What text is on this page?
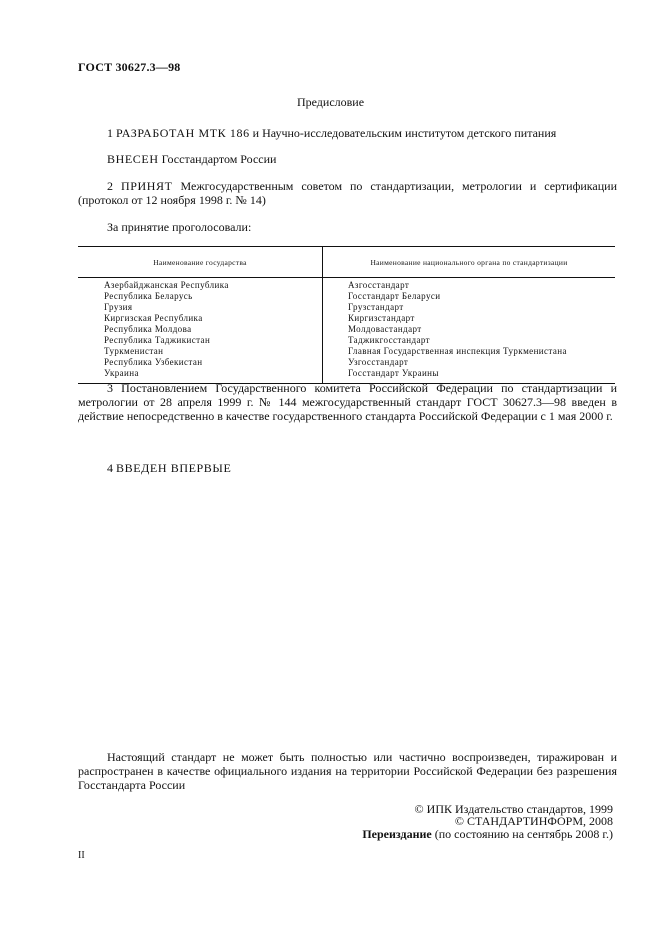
ГОСТ 30627.3—98
Предисловие
1 РАЗРАБОТАН МТК 186 и Научно-исследовательским институтом детского питания
ВНЕСЕН Госстандартом России
2 ПРИНЯТ Межгосударственным советом по стандартизации, метрологии и сертификации (протокол от 12 ноября 1998 г. № 14)
За принятие проголосовали:
Наименование государства	Наименование национального органа по стандартизации
Азербайджанская Республика
Республика Беларусь
Грузия
Киргизская Республика
Республика Молдова
Республика Таджикистан
Туркменистан
Республика Узбекистан
Украина
Азгосстандарт
Госстандарт Беларуси
Грузстандарт
Киргизстандарт
Молдовастандарт
Таджикгосстандарт
Главная Государственная инспекция Туркменистана
Узгосстандарт
Госстандарт Украины
3 Постановлением Государственного комитета Российской Федерации по стандартизации и метрологии от 28 апреля 1999 г. № 144 межгосударственный стандарт ГОСТ 30627.3—98 введен в действие непосредственно в качестве государственного стандарта Российской Федерации с 1 мая 2000 г.
4 ВВЕДЕН ВПЕРВЫЕ
Настоящий стандарт не может быть полностью или частично воспроизведен, тиражирован и распространен в качестве официального издания на территории Российской Федерации без разрешения Госстандарта России
© ИПК Издательство стандартов, 1999
© СТАНДАРТИНФОРМ, 2008
Переиздание (по состоянию на сентябрь 2008 г.)
II
